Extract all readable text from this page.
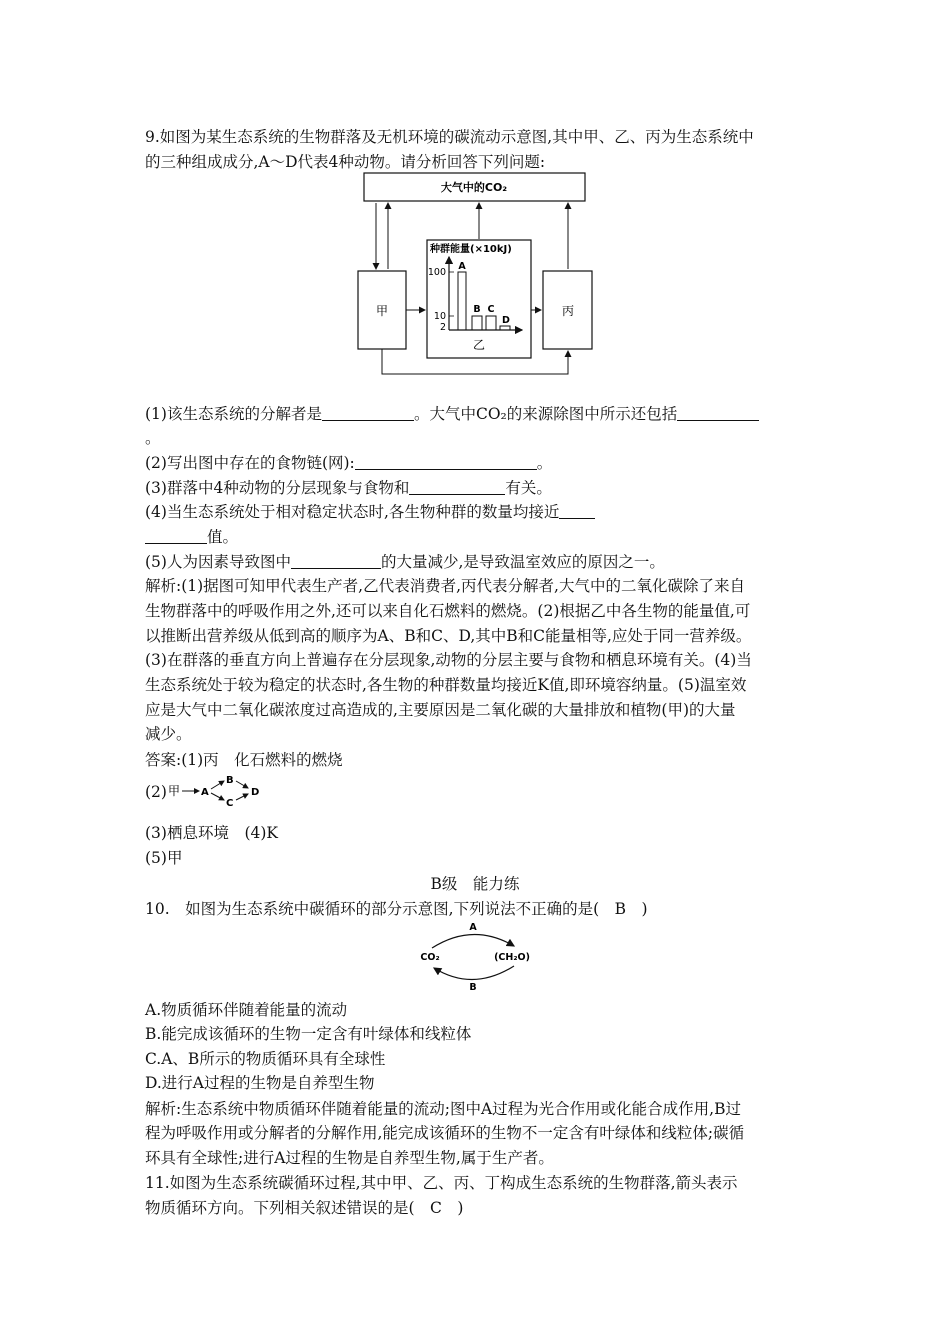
9.如图为某生态系统的生物群落及无机环境的碳流动示意图,其中甲、乙、丙为生态系统中
的三种组成成分,A～D代表4种动物。请分析回答下列问题:
大气中的CO₂
甲	丙
种群能量(×10kJ)
100
10
2
A
B C
D
乙
(1)该生态系统的分解者是	。大气中CO₂的来源除图中所示还包括
。
(2)写出图中存在的食物链(网):	。
(3)群落中4种动物的分层现象与食物和	有关。
(4)当生态系统处于相对稳定状态时,各生物种群的数量均接近
值。
(5)人为因素导致图中	的大量减少,是导致温室效应的原因之一。
解析:(1)据图可知甲代表生产者,乙代表消费者,丙代表分解者,大气中的二氧化碳除了来自
生物群落中的呼吸作用之外,还可以来自化石燃料的燃烧。(2)根据乙中各生物的能量值,可
以推断出营养级从低到高的顺序为A、B和C、D,其中B和C能量相等,应处于同一营养级。
(3)在群落的垂直方向上普遍存在分层现象,动物的分层主要与食物和栖息环境有关。(4)当
生态系统处于较为稳定的状态时,各生物的种群数量均接近K值,即环境容纳量。(5)温室效
应是大气中二氧化碳浓度过高造成的,主要原因是二氧化碳的大量排放和植物(甲)的大量
减少。
答案:(1)丙　化石燃料的燃烧
(2) 甲 A
B
C
D
(3)栖息环境　(4)K
(5)甲
B级　能力练
10.　如图为生态系统中碳循环的部分示意图,下列说法不正确的是(　B　)
A
CO₂	(CH₂O)
B
A.物质循环伴随着能量的流动
B.能完成该循环的生物一定含有叶绿体和线粒体
C.A、B所示的物质循环具有全球性
D.进行A过程的生物是自养型生物
解析:生态系统中物质循环伴随着能量的流动;图中A过程为光合作用或化能合成作用,B过
程为呼吸作用或分解者的分解作用,能完成该循环的生物不一定含有叶绿体和线粒体;碳循
环具有全球性;进行A过程的生物是自养型生物,属于生产者。
11.如图为生态系统碳循环过程,其中甲、乙、丙、丁构成生态系统的生物群落,箭头表示
物质循环方向。下列相关叙述错误的是(　C　)
